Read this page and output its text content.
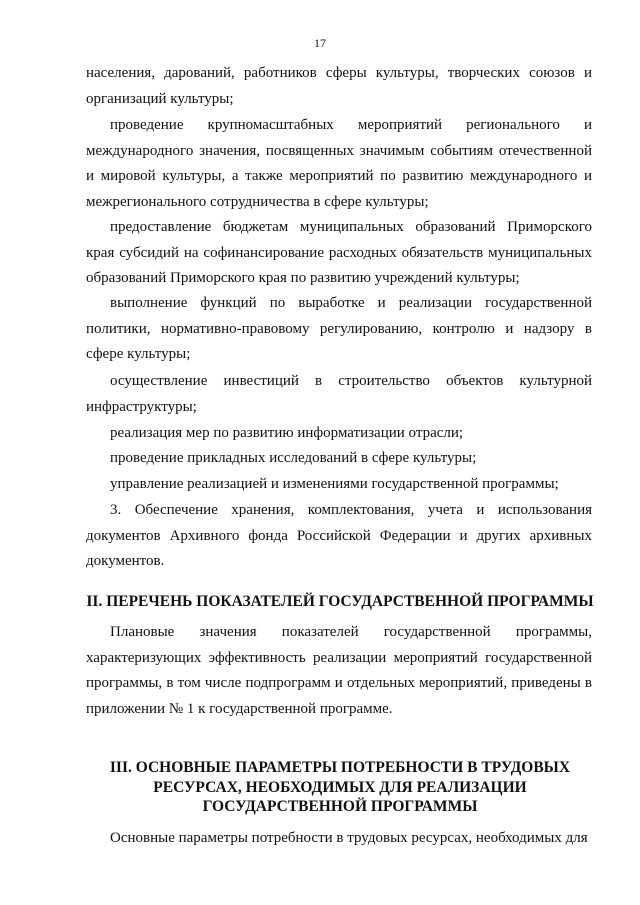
17

населения, дарований, работников сферы культуры, творческих союзов и организаций культуры;

проведение крупномасштабных мероприятий регионального и международного значения, посвященных значимым событиям отечественной и мировой культуры, а также мероприятий по развитию международного и межрегионального сотрудничества в сфере культуры;

предоставление бюджетам муниципальных образований Приморского края субсидий на софинансирование расходных обязательств муниципальных образований Приморского края по развитию учреждений культуры;

выполнение функций по выработке и реализации государственной политики, нормативно-правовому регулированию, контролю и надзору в сфере культуры;

осуществление инвестиций в строительство объектов культурной инфраструктуры;

реализация мер по развитию информатизации отрасли;

проведение прикладных исследований в сфере культуры;

управление реализацией и изменениями государственной программы;

3. Обеспечение хранения, комплектования, учета и использования документов Архивного фонда Российской Федерации и других архивных документов.

II. ПЕРЕЧЕНЬ ПОКАЗАТЕЛЕЙ ГОСУДАРСТВЕННОЙ ПРОГРАММЫ

Плановые значения показателей государственной программы, характеризующих эффективность реализации мероприятий государственной программы, в том числе подпрограмм и отдельных мероприятий, приведены в приложении № 1 к государственной программе.

III. ОСНОВНЫЕ ПАРАМЕТРЫ ПОТРЕБНОСТИ В ТРУДОВЫХ
РЕСУРСАХ, НЕОБХОДИМЫХ ДЛЯ РЕАЛИЗАЦИИ
ГОСУДАРСТВЕННОЙ ПРОГРАММЫ

Основные параметры потребности в трудовых ресурсах, необходимых для
